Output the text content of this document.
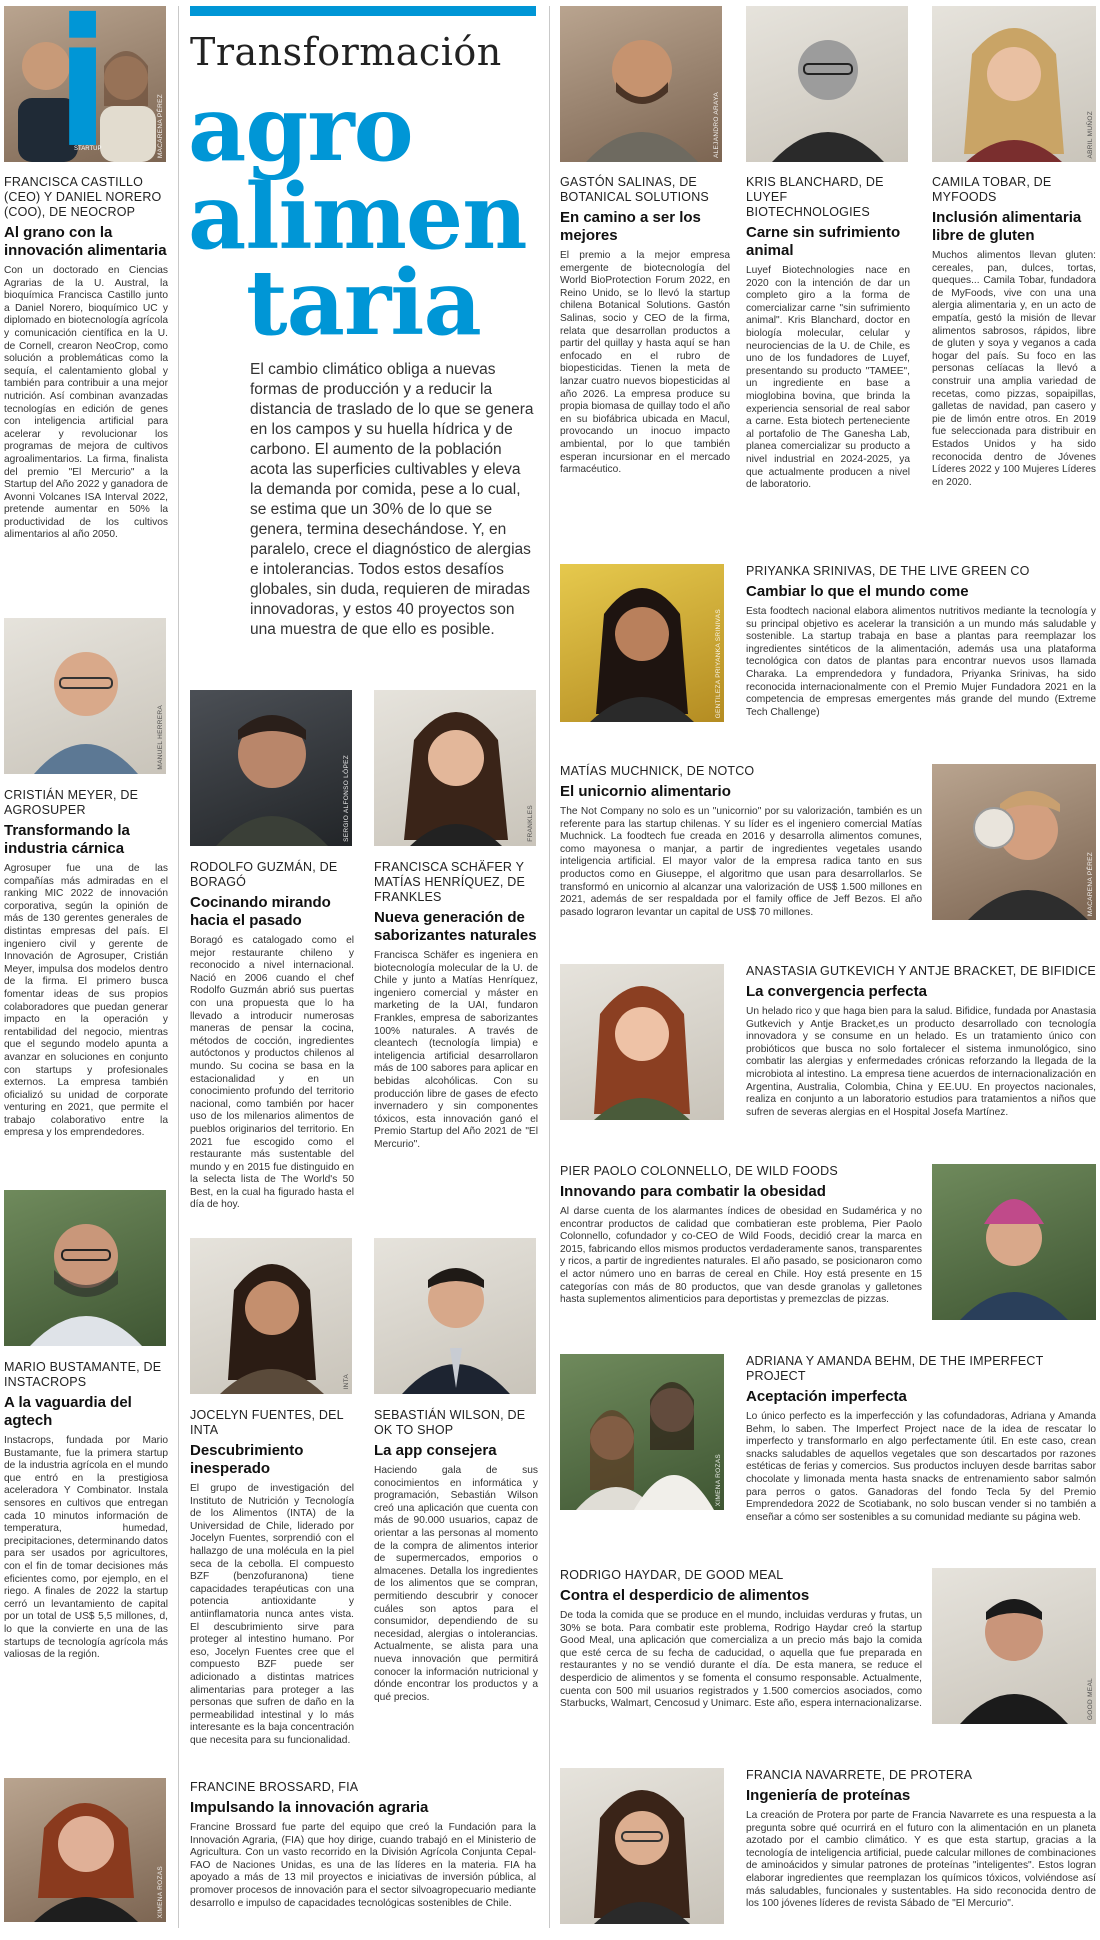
Transformación
agro
alimen
taria
El cambio climático obliga a nuevas formas de producción y a reducir la distancia de traslado de lo que se genera en los campos y su huella hídrica y de carbono. El aumento de la población acota las superficies cultivables y eleva la demanda por comida, pese a lo cual, se estima que un 30% de lo que se genera, termina desechándose. Y, en paralelo, crece el diagnóstico de alergias e intolerancias. Todos estos desafíos globales, sin duda, requieren de miradas innovadoras, y estos 40 proyectos son una muestra de que ello es posible.
STARTUP	MACARENA PÉREZ
FRANCISCA CASTILLO (CEO) Y DANIEL NORERO (COO), DE NEOCROP
Al grano con la innovación alimentaria
Con un doctorado en Ciencias Agrarias de la U. Austral, la bioquímica Francisca Castillo junto a Daniel Norero, bioquímico UC y diplomado en biotecnología agrícola y comunicación científica en la U. de Cornell, crearon NeoCrop, como solución a problemáticas como la sequía, el calentamiento global y también para contribuir a una mejor nutrición. Así combinan avanzadas tecnologías en edición de genes con inteligencia artificial para acelerar y revolucionar los programas de mejora de cultivos agroalimentarios. La firma, finalista del premio "El Mercurio" a la Startup del Año 2022 y ganadora de Avonni Volcanes ISA Interval 2022, pretende aumentar en 50% la productividad de los cultivos alimentarios al año 2050.
MANUEL HERRERA
CRISTIÁN MEYER, DE AGROSUPER
Transformando la industria cárnica
Agrosuper fue una de las compañías más admiradas en el ranking MIC 2022 de innovación corporativa, según la opinión de más de 130 gerentes generales de distintas empresas del país. El ingeniero civil y gerente de Innovación de Agrosuper, Cristián Meyer, impulsa dos modelos dentro de la firma. El primero busca fomentar ideas de sus propios colaboradores que puedan generar impacto en la operación y rentabilidad del negocio, mientras que el segundo modelo apunta a avanzar en soluciones en conjunto con startups y profesionales externos. La empresa también oficializó su unidad de corporate venturing en 2021, que permite el trabajo colaborativo entre la empresa y los emprendedores.
MARIO BUSTAMANTE, DE INSTACROPS
A la vaguardia del agtech
Instacrops, fundada por Mario Bustamante, fue la primera startup de la industria agrícola en el mundo que entró en la prestigiosa aceleradora Y Combinator. Instala sensores en cultivos que entregan cada 10 minutos información de temperatura, humedad, precipitaciones, determinando datos para ser usados por agricultores, con el fin de tomar decisiones más eficientes como, por ejemplo, en el riego. A finales de 2022 la startup cerró un levantamiento de capital por un total de US$ 5,5 millones, d, lo que la convierte en una de las startups de tecnología agrícola más valiosas de la región.
XIMENA ROZAS
FRANCINE BROSSARD, FIA
Impulsando la innovación agraria
Francine Brossard fue parte del equipo que creó la Fundación para la Innovación Agraria, (FIA) que hoy dirige, cuando trabajó en el Ministerio de Agricultura. Con un vasto recorrido en la División Agrícola Conjunta Cepal-FAO de Naciones Unidas, es una de las líderes en la materia. FIA ha apoyado a más de 13 mil proyectos e iniciativas de inversión pública, al promover procesos de innovación para el sector silvoagropecuario mediante desarrollo e impulso de capacidades tecnológicas sostenibles de Chile.
SERGIO ALFONSO LÓPEZ
RODOLFO GUZMÁN, DE BORAGÓ
Cocinando mirando hacia el pasado
Boragó es catalogado como el mejor restaurante chileno y reconocido a nivel internacional. Nació en 2006 cuando el chef Rodolfo Guzmán abrió sus puertas con una propuesta que lo ha llevado a introducir numerosas maneras de pensar la cocina, métodos de cocción, ingredientes autóctonos y productos chilenos al mundo. Su cocina se basa en la estacionalidad y en un conocimiento profundo del territorio nacional, como también por hacer uso de los milenarios alimentos de pueblos originarios del territorio. En 2021 fue escogido como el restaurante más sustentable del mundo y en 2015 fue distinguido en la selecta lista de The World's 50 Best, en la cual ha figurado hasta el día de hoy.
FRANKLES
FRANCISCA SCHÄFER Y MATÍAS HENRÍQUEZ, DE FRANKLES
Nueva generación de saborizantes naturales
Francisca Schäfer es ingeniera en biotecnología molecular de la U. de Chile y junto a Matías Henríquez, ingeniero comercial y máster en marketing de la UAI, fundaron Frankles, empresa de saborizantes 100% naturales. A través de cleantech (tecnología limpia) e inteligencia artificial desarrollaron más de 100 sabores para aplicar en bebidas alcohólicas. Con su producción libre de gases de efecto invernadero y sin componentes tóxicos, esta innovación ganó el Premio Startup del Año 2021 de "El Mercurio".
INTA
JOCELYN FUENTES, DEL INTA
Descubrimiento inesperado
El grupo de investigación del Instituto de Nutrición y Tecnología de los Alimentos (INTA) de la Universidad de Chile, liderado por Jocelyn Fuentes, sorprendió con el hallazgo de una molécula en la piel seca de la cebolla. El compuesto BZF (benzofuranona) tiene capacidades terapéuticas con una potencia antioxidante y antiinflamatoria nunca antes vista. El descubrimiento sirve para proteger al intestino humano. Por eso, Jocelyn Fuentes cree que el compuesto BZF puede ser adicionado a distintas matrices alimentarias para proteger a las personas que sufren de daño en la permeabilidad intestinal y lo más interesante es la baja concentración que necesita para su funcionalidad.
SEBASTIÁN WILSON, DE OK TO SHOP
La app consejera
Haciendo gala de sus conocimientos en informática y programación, Sebastián Wilson creó una aplicación que cuenta con más de 90.000 usuarios, capaz de orientar a las personas al momento de la compra de alimentos interior de supermercados, emporios o almacenes. Detalla los ingredientes de los alimentos que se compran, permitiendo descubrir y conocer cuáles son aptos para el consumidor, dependiendo de su necesidad, alergias o intolerancias. Actualmente, se alista para una nueva innovación que permitirá conocer la información nutricional y dónde encontrar los productos y a qué precios.
ALEJANDRO ARAYA
GASTÓN SALINAS, DE BOTANICAL SOLUTIONS
En camino a ser los mejores
El premio a la mejor empresa emergente de biotecnología del World BioProtection Forum 2022, en Reino Unido, se lo llevó la startup chilena Botanical Solutions. Gastón Salinas, socio y CEO de la firma, relata que desarrollan productos a partir del quillay y hasta aquí se han enfocado en el rubro de biopesticidas. Tienen la meta de lanzar cuatro nuevos biopesticidas al año 2026. La empresa produce su propia biomasa de quillay todo el año en su biofábrica ubicada en Macul, provocando un inocuo impacto ambiental, por lo que también esperan incursionar en el mercado farmacéutico.
KRIS BLANCHARD, DE LUYEF BIOTECHNOLOGIES
Carne sin sufrimiento animal
Luyef Biotechnologies nace en 2020 con la intención de dar un completo giro a la forma de comercializar carne "sin sufrimiento animal". Kris Blanchard, doctor en biología molecular, celular y neurociencias de la U. de Chile, es uno de los fundadores de Luyef, presentando su producto "TAMEE", un ingrediente en base a mioglobina bovina, que brinda la experiencia sensorial de real sabor a carne. Esta biotech perteneciente al portafolio de The Ganesha Lab, planea comercializar su producto a nivel industrial en 2024-2025, ya que actualmente producen a nivel de laboratorio.
ABRIL MUÑOZ
CAMILA TOBAR, DE MYFOODS
Inclusión alimentaria libre de gluten
Muchos alimentos llevan gluten: cereales, pan, dulces, tortas, queques... Camila Tobar, fundadora de MyFoods, vive con una una alergia alimentaria y, en un acto de empatía, gestó la misión de llevar alimentos sabrosos, rápidos, libre de gluten y soya y veganos a cada hogar del país. Su foco en las personas celíacas la llevó a construir una amplia variedad de recetas, como pizzas, sopaipillas, galletas de navidad, pan casero y pie de limón entre otros. En 2019 fue seleccionada para distribuir en Estados Unidos y ha sido reconocida dentro de Jóvenes Líderes 2022 y 100 Mujeres Líderes en 2020.
GENTILEZA PRIYANKA SRINIVAS
PRIYANKA SRINIVAS, DE THE LIVE GREEN CO
Cambiar lo que el mundo come
Esta foodtech nacional elabora alimentos nutritivos mediante la tecnología y su principal objetivo es acelerar la transición a un mundo más saludable y sostenible. La startup trabaja en base a plantas para reemplazar los ingredientes sintéticos de la alimentación, además usa una plataforma tecnológica con datos de plantas para encontrar nuevos usos llamada Charaka. La emprendedora y fundadora, Priyanka Srinivas, ha sido reconocida internacionalmente con el Premio Mujer Fundadora 2021 en la competencia de empresas emergentes más grande del mundo (Extreme Tech Challenge)
MATÍAS MUCHNICK, DE NOTCO
El unicornio alimentario
The Not Company no solo es un "unicornio" por su valorización, también es un referente para las startup chilenas. Y su líder es el ingeniero comercial Matías Muchnick. La foodtech fue creada en 2016 y desarrolla alimentos comunes, como mayonesa o manjar, a partir de ingredientes vegetales usando inteligencia artificial. El mayor valor de la empresa radica tanto en sus productos como en Giuseppe, el algoritmo que usan para desarrollarlos. Se transformó en unicornio al alcanzar una valorización de US$ 1.500 millones en 2021, además de ser respaldada por el family office de Jeff Bezos. El año pasado lograron levantar un capital de US$ 70 millones.	MACARENA PÉREZ
ANASTASIA GUTKEVICH Y ANTJE BRACKET, DE BIFIDICE
La convergencia perfecta
Un helado rico y que haga bien para la salud. Bifidice, fundada por Anastasia Gutkevich y Antje Bracket,es un producto desarrollado con tecnología innovadora y se consume en un helado. Es un tratamiento único con probióticos que busca no solo fortalecer el sistema inmunológico, sino combatir las alergias y enfermedades crónicas reforzando la llegada de la microbiota al intestino. La empresa tiene acuerdos de internacionalización en Argentina, Australia, Colombia, China y EE.UU. En proyectos nacionales, realiza en conjunto a un laboratorio estudios para tratamientos a niños que sufren de severas alergias en el Hospital Josefa Martínez.
PIER PAOLO COLONNELLO, DE WILD FOODS
Innovando para combatir la obesidad
Al darse cuenta de los alarmantes índices de obesidad en Sudamérica y no encontrar productos de calidad que combatieran este problema, Pier Paolo Colonnello, cofundador y co-CEO de Wild Foods, decidió crear la marca en 2015, fabricando ellos mismos productos verdaderamente sanos, transparentes y ricos, a partir de ingredientes naturales. El año pasado, se posicionaron como el actor número uno en barras de cereal en Chile. Hoy está presente en 15 categorías con más de 80 productos, que van desde granolas y galletones hasta suplementos alimenticios para deportistas y premezclas de pizzas.
XIMENA ROZAS
ADRIANA Y AMANDA BEHM, DE THE IMPERFECT PROJECT
Aceptación imperfecta
Lo único perfecto es la imperfección y las cofundadoras, Adriana y Amanda Behm, lo saben. The Imperfect Project nace de la idea de rescatar lo imperfecto y transformarlo en algo perfectamente útil. En este caso, crean snacks saludables de aquellos vegetales que son descartados por razones estéticas de ferias y comercios. Sus productos incluyen desde barritas sabor chocolate y limonada menta hasta snacks de entrenamiento sabor salmón para perros o gatos. Ganadoras del fondo Tecla 5y del Premio Emprendedora 2022 de Scotiabank, no solo buscan vender si no también a enseñar a cómo ser sostenibles a su comunidad mediante su página web.
RODRIGO HAYDAR, DE GOOD MEAL
Contra el desperdicio de alimentos
De toda la comida que se produce en el mundo, incluidas verduras y frutas, un 30% se bota. Para combatir este problema, Rodrigo Haydar creó la startup Good Meal, una aplicación que comercializa a un precio más bajo la comida que esté cerca de su fecha de caducidad, o aquella que fue preparada en restaurantes y no se vendió durante el día. De esta manera, se reduce el desperdicio de alimentos y se fomenta el consumo responsable. Actualmente, cuenta con 500 mil usuarios registrados y 1.500 comercios asociados, como Starbucks, Walmart, Cencosud y Unimarc. Este año, espera internacionalizarse.	GOOD MEAL
FRANCIA NAVARRETE, DE PROTERA
Ingeniería de proteínas
La creación de Protera por parte de Francia Navarrete es una respuesta a la pregunta sobre qué ocurrirá en el futuro con la alimentación en un planeta azotado por el cambio climático. Y es que esta startup, gracias a la tecnología de inteligencia artificial, puede calcular millones de combinaciones de aminoácidos y simular patrones de proteínas "inteligentes". Estos logran elaborar ingredientes que reemplazan los químicos tóxicos, volviéndose así más saludables, funcionales y sustentables. Ha sido reconocida dentro de los 100 jóvenes líderes de revista Sábado de "El Mercurio".
